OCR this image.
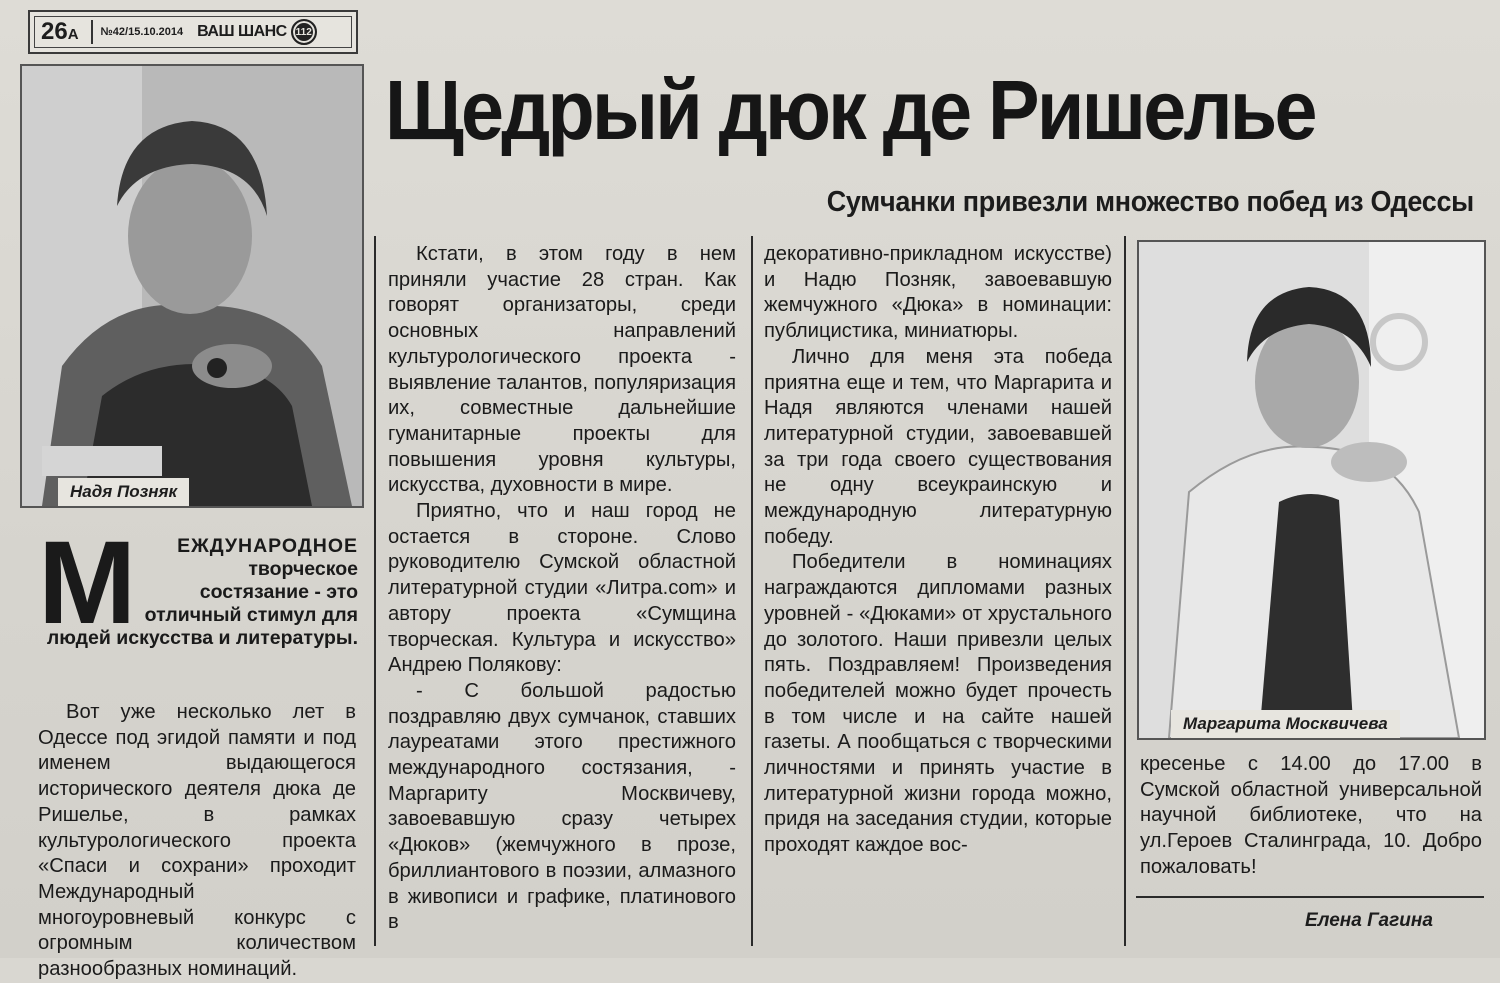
26А	№42/15.10.2014 ВАШ ШАНС 112
Щедрый дюк де Ришелье
Сумчанки привезли множество побед из Одессы
Надя Позняк
М ЕЖДУНАРОДНОЕ творческое состязание - это отличный стимул для людей искусства и литературы.

Вот уже несколько лет в Одессе под эгидой памяти и под именем выдающегося исторического деятеля дюка де Ришелье, в рамках культурологического проекта «Спаси и сохрани» проходит Международный многоуровневый конкурс с огромным количеством разнообразных номинаций.

Кстати, в этом году в нем приняли участие 28 стран. Как говорят организаторы, среди основных направлений культурологического проекта - выявление талантов, популяризация их, совместные дальнейшие гуманитарные проекты для повышения уровня культуры, искусства, духовности в мире.

Приятно, что и наш город не остается в стороне. Слово руководителю Сумской областной литературной студии «Литра.com» и автору проекта «Сумщина творческая. Культура и искусство» Андрею Полякову:

- С большой радостью поздравляю двух сумчанок, ставших лауреатами этого престижного международного состязания, - Маргариту Москвичеву, завоевавшую сразу четырех «Дюков» (жемчужного в прозе, бриллиантового в поэзии, алмазного в живописи и графике, платинового в

декоративно-прикладном искусстве) и Надю Позняк, завоевавшую жемчужного «Дюка» в номинации: публицистика, миниатюры.

Лично для меня эта победа приятна еще и тем, что Маргарита и Надя являются членами нашей литературной студии, завоевавшей за три года своего существования не одну всеукраинскую и международную литературную победу.

Победители в номинациях награждаются дипломами разных уровней - «Дюками» от хрустального до золотого. Наши привезли целых пять. Поздравляем! Произведения победителей можно будет прочесть в том числе и на сайте нашей газеты. А пообщаться с творческими личностями и принять участие в литературной жизни города можно, придя на заседания студии, которые проходят каждое вос-

Маргарита Москвичева

кресенье с 14.00 до 17.00 в Сумской областной универсальной научной библиотеке, что на ул.Героев Сталинграда, 10. Добро пожаловать!

Елена Гагина
